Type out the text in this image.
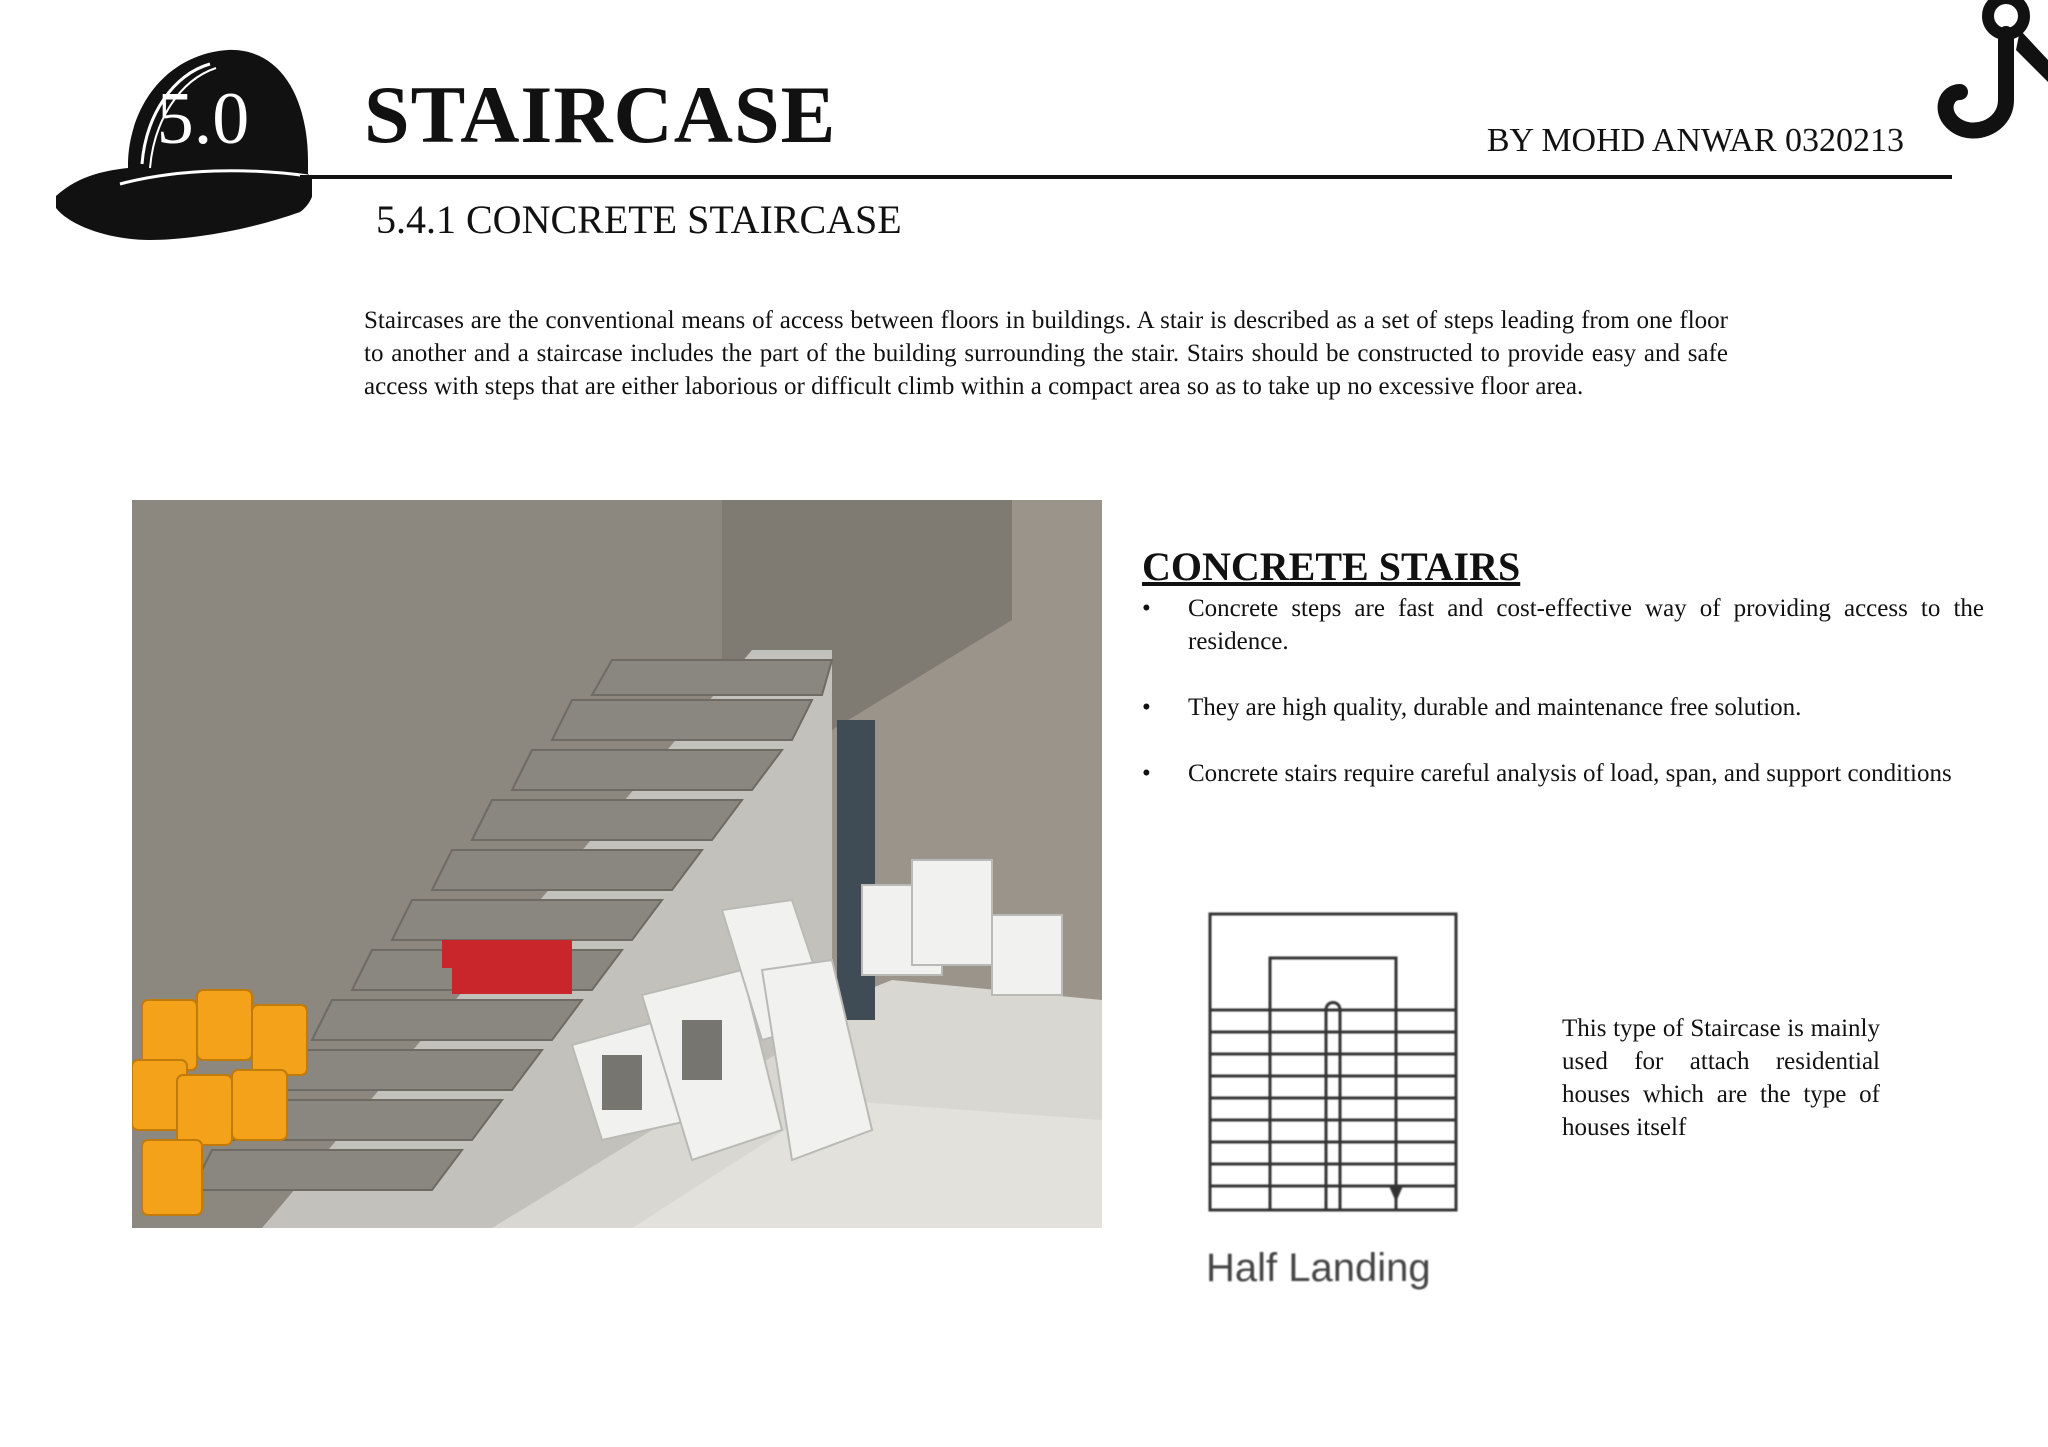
5.0 STAIRCASE	BY MOHD ANWAR 0320213
5.4.1 CONCRETE STAIRCASE

Staircases are the conventional means of access between floors in buildings. A stair is described as a set of steps leading from one floor to another and a staircase includes the part of the building surrounding the stair. Stairs should be constructed to provide easy and safe access with steps that are either laborious or difficult climb within a compact area so as to take up no excessive floor area.

CONCRETE STAIRS
•	Concrete steps are fast and cost-effective way of providing access to the residence.
•	They are high quality, durable and maintenance free solution.
•	Concrete stairs require careful analysis of load, span, and support conditions
Half Landing

This type of Staircase is mainly used for attach residential houses which are the type of houses itself
